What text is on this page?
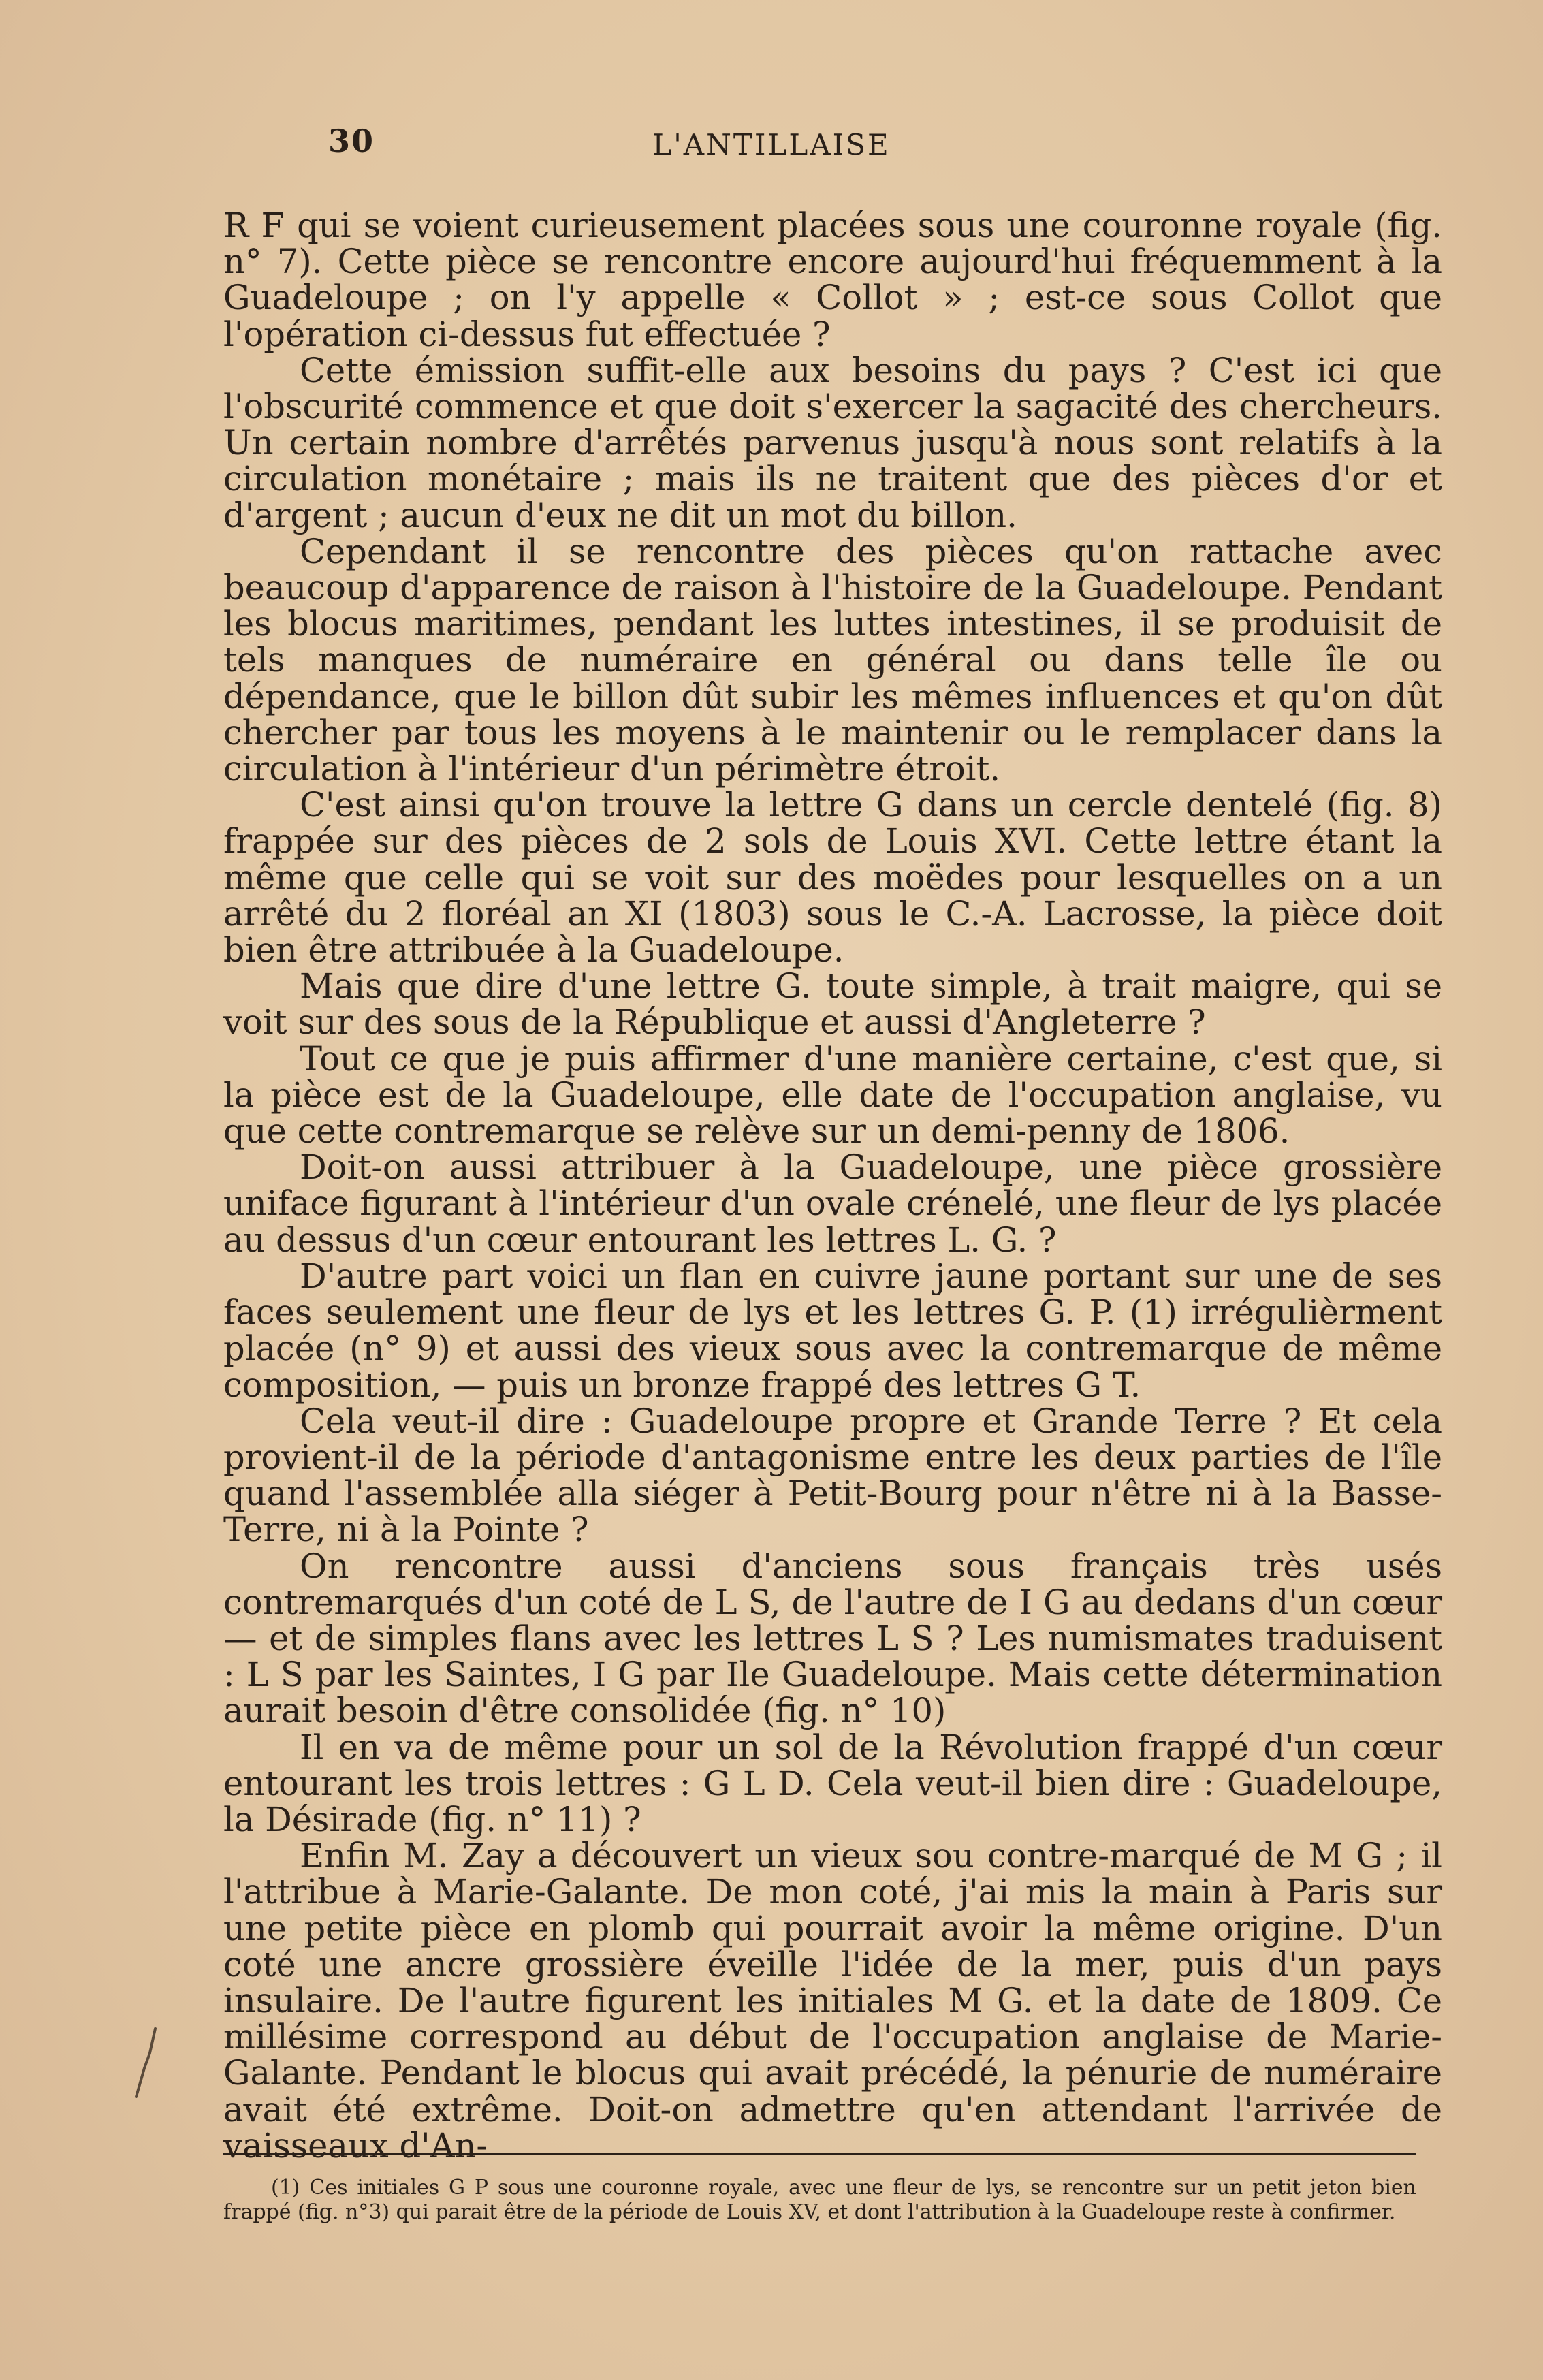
30	L'ANTILLAISE

R F qui se voient curieusement placées sous une couronne royale (fig. n° 7). Cette pièce se rencontre encore aujourd'hui fréquemment à la Guadeloupe ; on l'y appelle « Collot » ; est-ce sous Collot que l'opération ci-dessus fut effectuée ?

Cette émission suffit-elle aux besoins du pays ? C'est ici que l'obscurité commence et que doit s'exercer la sagacité des chercheurs. Un certain nombre d'arrêtés parvenus jusqu'à nous sont relatifs à la circulation monétaire ; mais ils ne traitent que des pièces d'or et d'argent ; aucun d'eux ne dit un mot du billon.

Cependant il se rencontre des pièces qu'on rattache avec beaucoup d'apparence de raison à l'histoire de la Guadeloupe. Pendant les blocus maritimes, pendant les luttes intestines, il se produisit de tels manques de numéraire en général ou dans telle île ou dépendance, que le billon dût subir les mêmes influences et qu'on dût chercher par tous les moyens à le maintenir ou le remplacer dans la circulation à l'intérieur d'un périmètre étroit.

C'est ainsi qu'on trouve la lettre G dans un cercle dentelé (fig. 8) frappée sur des pièces de 2 sols de Louis XVI. Cette lettre étant la même que celle qui se voit sur des moëdes pour lesquelles on a un arrêté du 2 floréal an XI (1803) sous le C.-A. Lacrosse, la pièce doit bien être attribuée à la Guadeloupe.

Mais que dire d'une lettre G. toute simple, à trait maigre, qui se voit sur des sous de la République et aussi d'Angleterre ?

Tout ce que je puis affirmer d'une manière certaine, c'est que, si la pièce est de la Guadeloupe, elle date de l'occupation anglaise, vu que cette contremarque se relève sur un demi-penny de 1806.

Doit-on aussi attribuer à la Guadeloupe, une pièce grossière uniface figurant à l'intérieur d'un ovale crénelé, une fleur de lys placée au dessus d'un cœur entourant les lettres L. G. ?

D'autre part voici un flan en cuivre jaune portant sur une de ses faces seulement une fleur de lys et les lettres G. P. (1) irrégulièrment placée (n° 9) et aussi des vieux sous avec la contremarque de même composition, — puis un bronze frappé des lettres G T.

Cela veut-il dire : Guadeloupe propre et Grande Terre ? Et cela provient-il de la période d'antagonisme entre les deux parties de l'île quand l'assemblée alla siéger à Petit-Bourg pour n'être ni à la Basse-Terre, ni à la Pointe ?

On rencontre aussi d'anciens sous français très usés contremarqués d'un coté de L S, de l'autre de I G au dedans d'un cœur — et de simples flans avec les lettres L S ? Les numismates traduisent : L S par les Saintes, I G par Ile Guadeloupe. Mais cette détermination aurait besoin d'être consolidée (fig. n° 10)

Il en va de même pour un sol de la Révolution frappé d'un cœur entourant les trois lettres : G L D. Cela veut-il bien dire : Guadeloupe, la Désirade (fig. n° 11) ?

Enfin M. Zay a découvert un vieux sou contre-marqué de M G ; il l'attribue à Marie-Galante. De mon coté, j'ai mis la main à Paris sur une petite pièce en plomb qui pourrait avoir la même origine. D'un coté une ancre grossière éveille l'idée de la mer, puis d'un pays insulaire. De l'autre figurent les initiales M G. et la date de 1809. Ce millésime correspond au début de l'occupation anglaise de Marie-Galante. Pendant le blocus qui avait précédé, la pénurie de numéraire avait été extrême. Doit-on admettre qu'en attendant l'arrivée de vaisseaux d'An-

(1) Ces initiales G P sous une couronne royale, avec une fleur de lys, se rencontre sur un petit jeton bien frappé (fig. n°3) qui parait être de la période de Louis XV, et dont l'attribution à la Guadeloupe reste à confirmer.
